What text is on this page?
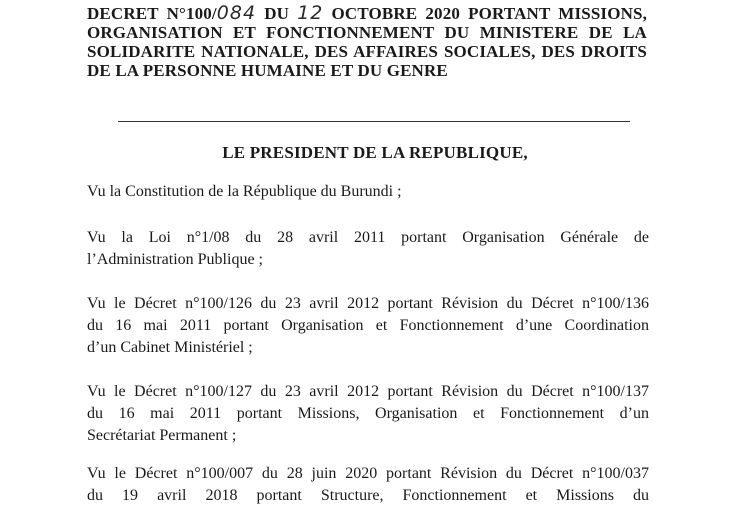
DECRET N°100/084 DU 12 OCTOBRE 2020 PORTANT MISSIONS,
ORGANISATION ET FONCTIONNEMENT DU MINISTERE DE LA
SOLIDARITE NATIONALE, DES AFFAIRES SOCIALES, DES DROITS
DE LA PERSONNE HUMAINE ET DU GENRE
LE PRESIDENT DE LA REPUBLIQUE,

Vu la Constitution de la République du Burundi ;

Vu la Loi n°1/08 du 28 avril 2011 portant Organisation Générale de
l’Administration Publique ;

Vu le Décret n°100/126 du 23 avril 2012 portant Révision du Décret n°100/136
du 16 mai 2011 portant Organisation et Fonctionnement d’une Coordination
d’un Cabinet Ministériel ;

Vu le Décret n°100/127 du 23 avril 2012 portant Révision du Décret n°100/137
du 16 mai 2011 portant Missions, Organisation et Fonctionnement d’un
Secrétariat Permanent ;

Vu le Décret n°100/007 du 28 juin 2020 portant Révision du Décret n°100/037
du 19 avril 2018 portant Structure, Fonctionnement et Missions du
